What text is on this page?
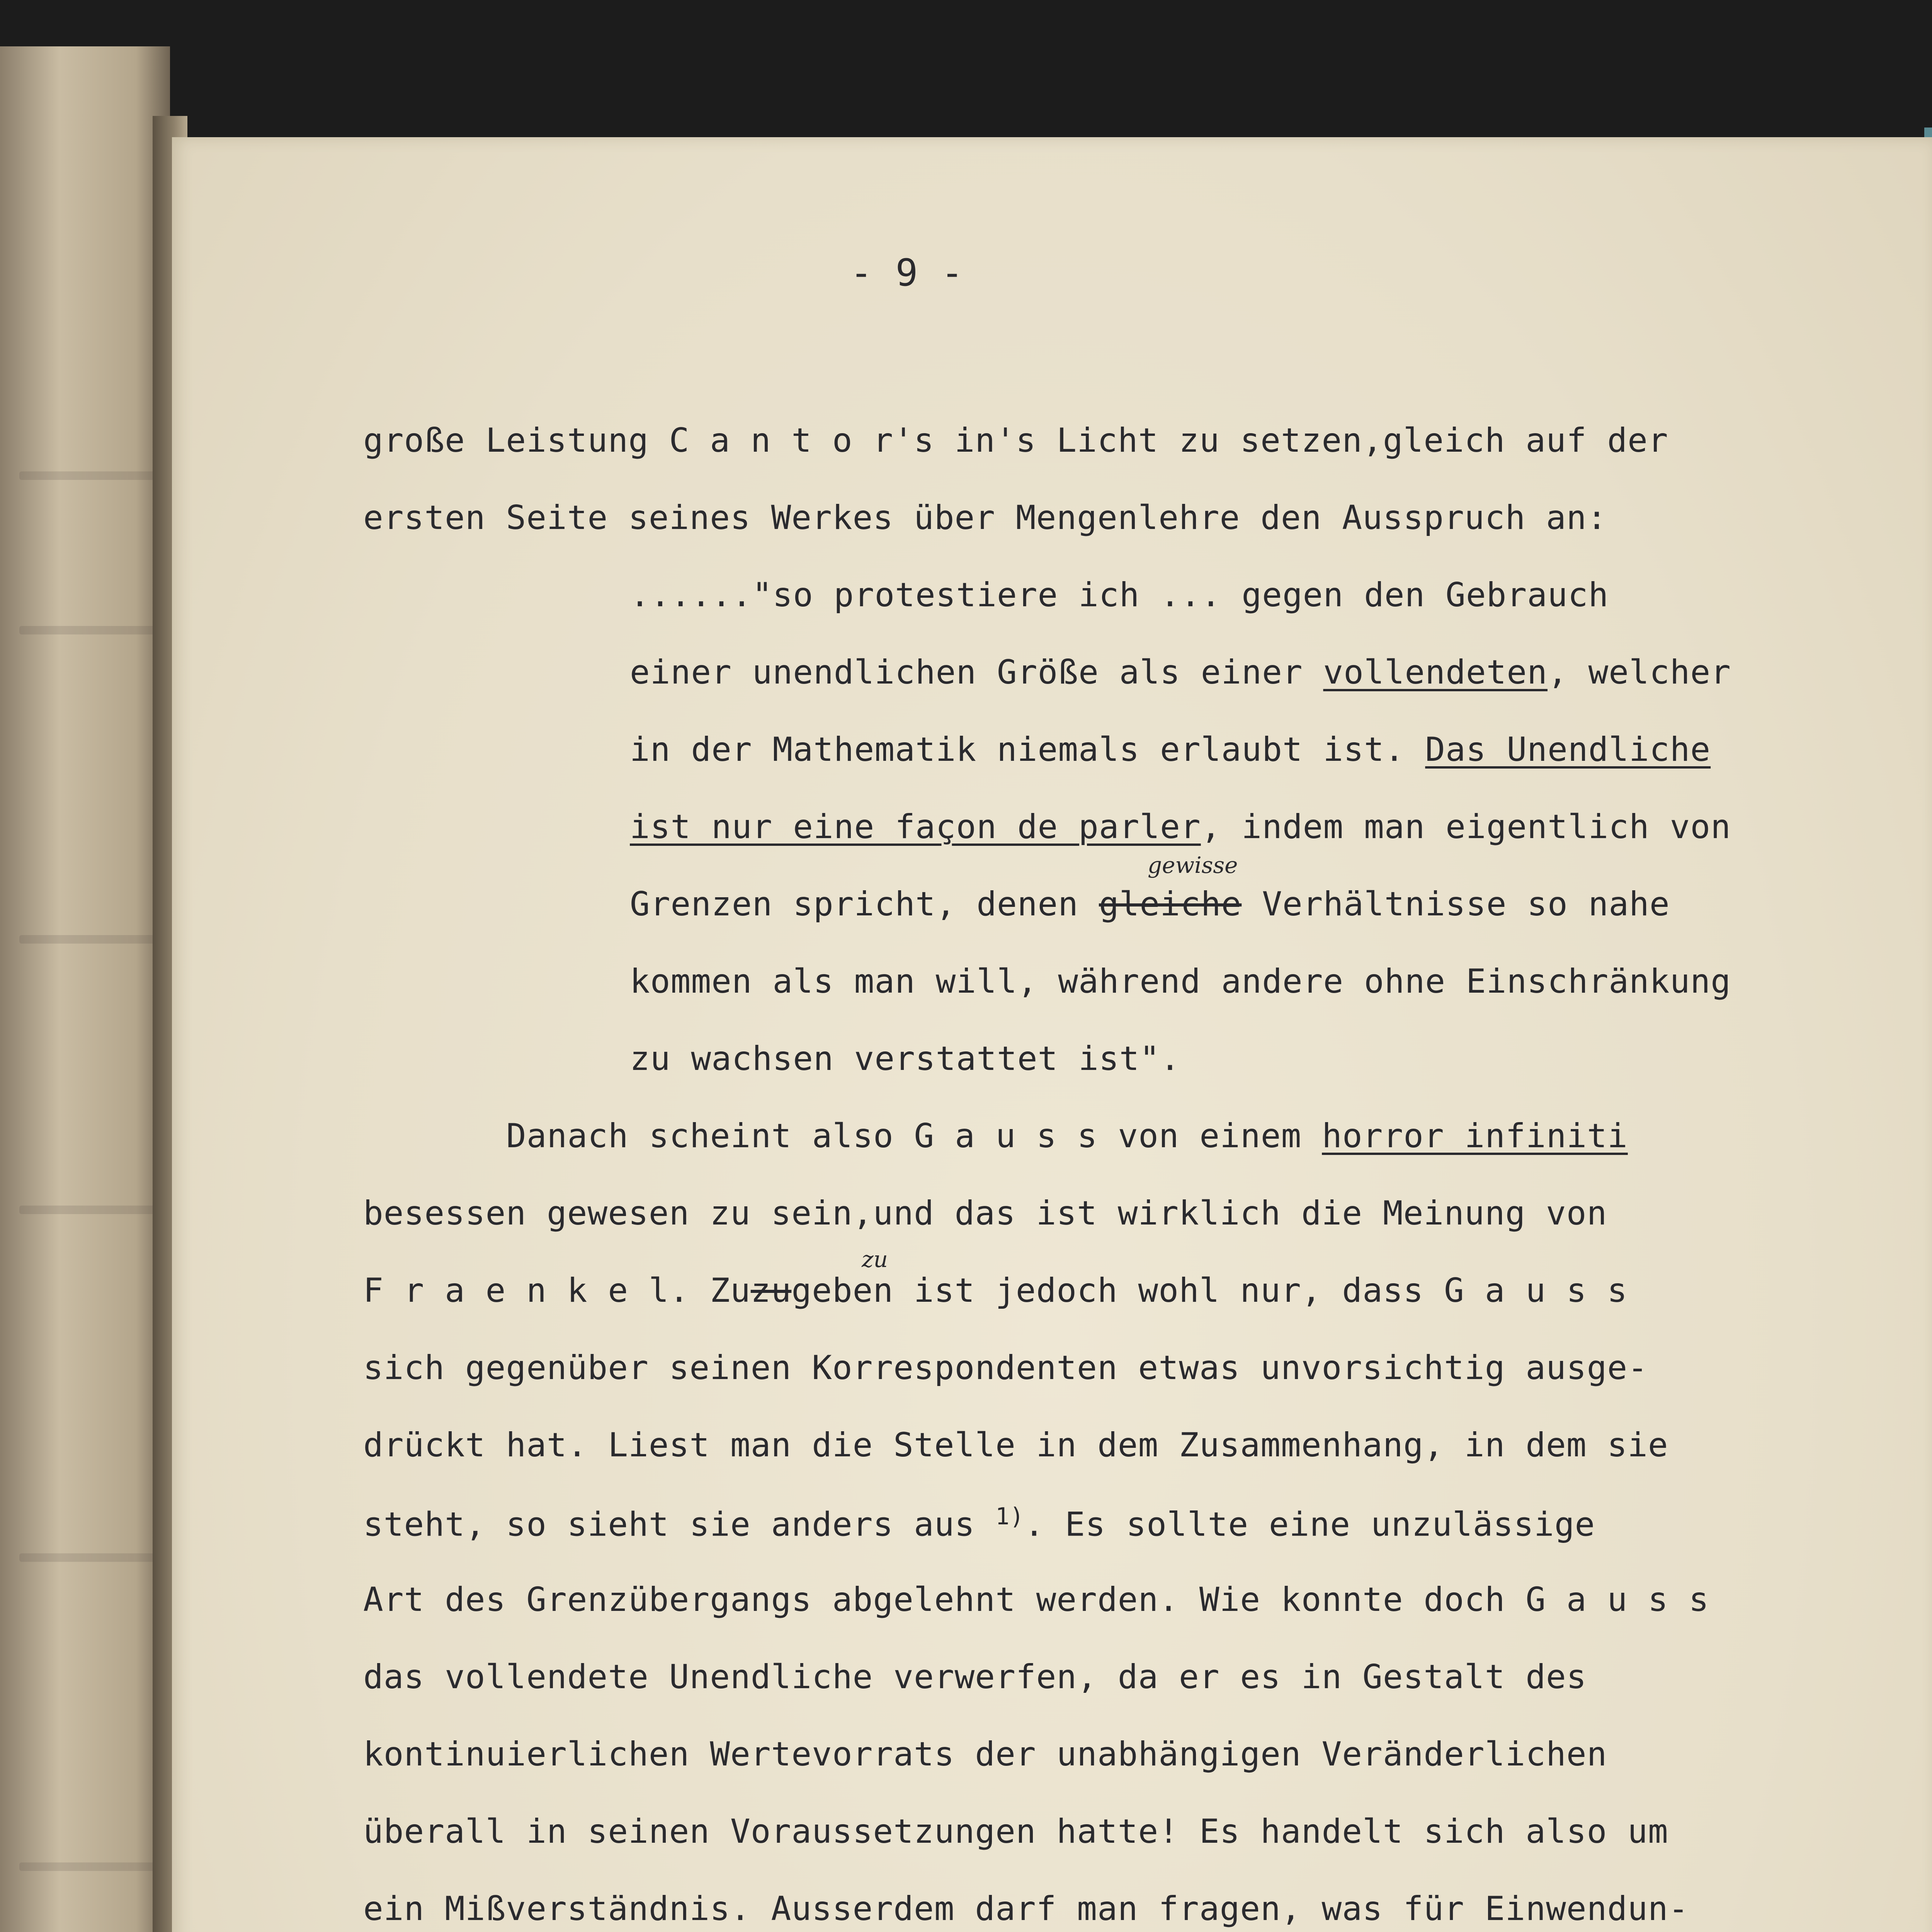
- 9 -
große Leistung C a n t o r's in's Licht zu setzen,gleich auf der
ersten Seite seines Werkes über Mengenlehre den Ausspruch an:
......"so protestiere ich ... gegen den Gebrauch
einer unendlichen Größe als einer vollendeten, welcher
in der Mathematik niemals erlaubt ist. Das Unendliche
ist nur eine façon de parler, indem man eigentlich von
Grenzen spricht, denen gleiche Verhältnisse so nahe
kommen als man will, während andere ohne Einschränkung
zu wachsen verstattet ist".
Danach scheint also G a u s s von einem horror infiniti
besessen gewesen zu sein,und das ist wirklich die Meinung von
F r a e n k e l. Zuzugeben ist jedoch wohl nur, dass G a u s s
sich gegenüber seinen Korrespondenten etwas unvorsichtig ausge-
drückt hat. Liest man die Stelle in dem Zusammenhang, in dem sie
steht, so sieht sie anders aus $^{1)}$. Es sollte eine unzulässige
Art des Grenzübergangs abgelehnt werden. Wie konnte doch G a u s s
das vollendete Unendliche verwerfen, da er es in Gestalt des
kontinuierlichen Wertevorrats der unabhängigen Veränderlichen
überall in seinen Voraussetzungen hatte! Es handelt sich also um
ein Mißverständnis. Ausserdem darf man fragen, was für Einwendun-
gewisse
zu
